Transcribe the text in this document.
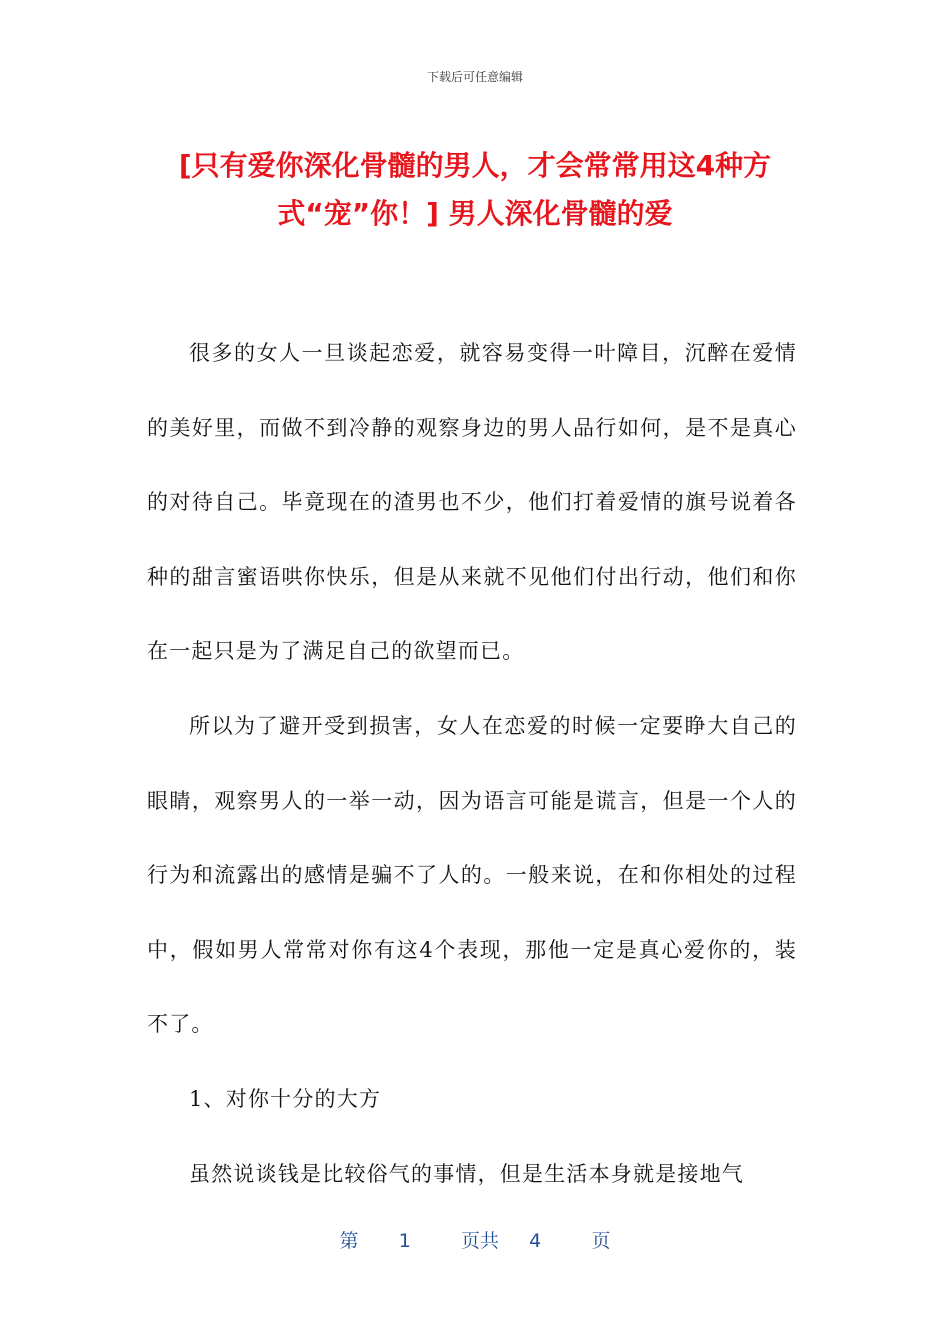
下载后可任意编辑
[只有爱你深化骨髓的男人，才会常常用这4种方式“宠”你！] 男人深化骨髓的爱

很多的女人一旦谈起恋爱，就容易变得一叶障目，沉醉在爱情的美好里，而做不到冷静的观察身边的男人品行如何，是不是真心的对待自己。毕竟现在的渣男也不少，他们打着爱情的旗号说着各种的甜言蜜语哄你快乐，但是从来就不见他们付出行动，他们和你在一起只是为了满足自己的欲望而已。

所以为了避开受到损害，女人在恋爱的时候一定要睁大自己的眼睛，观察男人的一举一动，因为语言可能是谎言，但是一个人的行为和流露出的感情是骗不了人的。一般来说，在和你相处的过程中，假如男人常常对你有这4个表现，那他一定是真心爱你的，装不了。

1、对你十分的大方

虽然说谈钱是比较俗气的事情，但是生活本身就是接地气

第 1	页共 4	页
